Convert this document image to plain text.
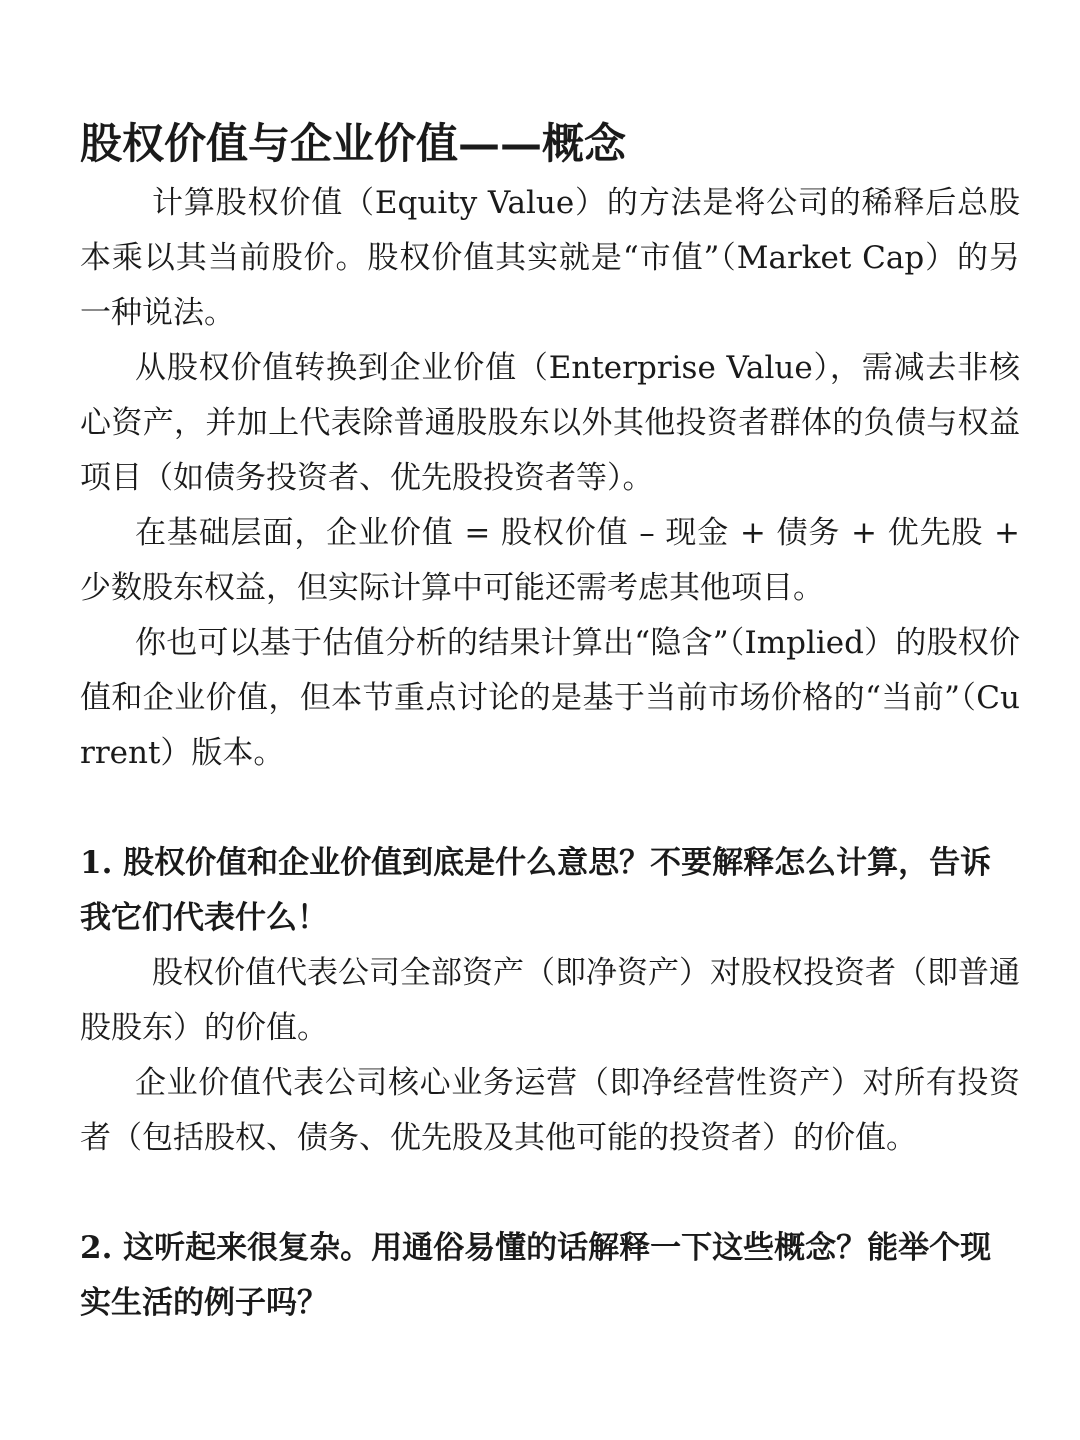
股权价值与企业价值——概念

计算股权价值（Equity Value）的方法是将公司的稀释后总股本乘以其当前股价。股权价值其实就是“市值”（Market Cap）的另一种说法。

从股权价值转换到企业价值（Enterprise Value），需减去非核心资产，并加上代表除普通股股东以外其他投资者群体的负债与权益项目（如债务投资者、优先股投资者等）。

在基础层面，企业价值 = 股权价值 – 现金 + 债务 + 优先股 + 少数股东权益，但实际计算中可能还需考虑其他项目。

你也可以基于估值分析的结果计算出“隐含”（Implied）的股权价值和企业价值，但本节重点讨论的是基于当前市场价格的“当前”（Current）版本。

1. 股权价值和企业价值到底是什么意思？不要解释怎么计算，告诉我它们代表什么！

股权价值代表公司全部资产（即净资产）对股权投资者（即普通股股东）的价值。

企业价值代表公司核心业务运营（即净经营性资产）对所有投资者（包括股权、债务、优先股及其他可能的投资者）的价值。

2. 这听起来很复杂。用通俗易懂的话解释一下这些概念？能举个现实生活的例子吗？
